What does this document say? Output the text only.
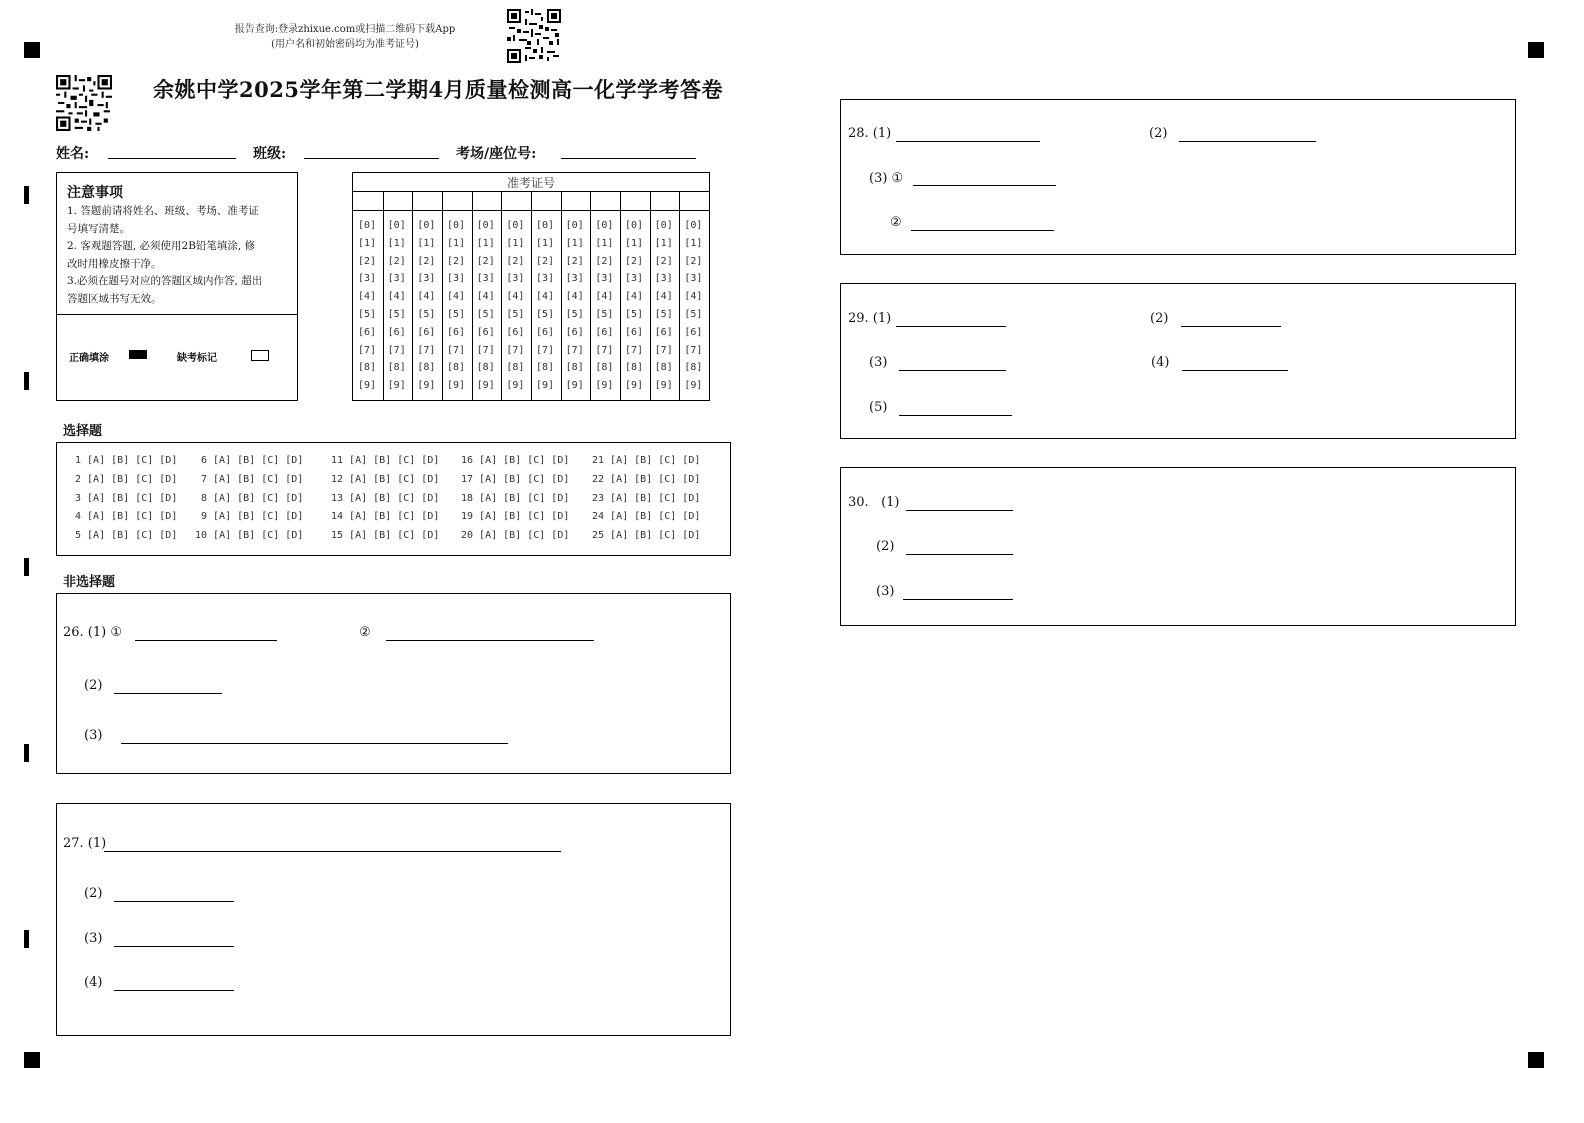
报告查询:登录zhixue.com或扫描二维码下载App
(用户名和初始密码均为准考证号)
余姚中学2025学年第二学期4月质量检测高一化学学考答卷
姓名:	班级:	考场/座位号:
注意事项
1. 答题前请将姓名、班级、考场、准考证
号填写清楚。
2. 客观题答题, 必须使用2B铅笔填涂, 修
改时用橡皮擦干净。
3.必须在题号对应的答题区域内作答, 超出
答题区域书写无效。
正确填涂	缺考标记
准考证号
[0] [0] [0] [0] [0] [0] [0] [0] [0] [0] [0] [0]
[1] [1] [1] [1] [1] [1] [1] [1] [1] [1] [1] [1]
[2] [2] [2] [2] [2] [2] [2] [2] [2] [2] [2] [2]
[3] [3] [3] [3] [3] [3] [3] [3] [3] [3] [3] [3]
[4] [4] [4] [4] [4] [4] [4] [4] [4] [4] [4] [4]
[5] [5] [5] [5] [5] [5] [5] [5] [5] [5] [5] [5]
[6] [6] [6] [6] [6] [6] [6] [6] [6] [6] [6] [6]
[7] [7] [7] [7] [7] [7] [7] [7] [7] [7] [7] [7]
[8] [8] [8] [8] [8] [8] [8] [8] [8] [8] [8] [8]
[9] [9] [9] [9] [9] [9] [9] [9] [9] [9] [9] [9]
选择题
1 [A] [B] [C] [D] 6 [A] [B] [C] [D]	11 [A] [B] [C] [D] 16 [A] [B] [C] [D] 21 [A] [B] [C] [D]
2 [A] [B] [C] [D] 7 [A] [B] [C] [D]	12 [A] [B] [C] [D] 17 [A] [B] [C] [D] 22 [A] [B] [C] [D]
3 [A] [B] [C] [D] 8 [A] [B] [C] [D]	13 [A] [B] [C] [D] 18 [A] [B] [C] [D] 23 [A] [B] [C] [D]
4 [A] [B] [C] [D] 9 [A] [B] [C] [D]	14 [A] [B] [C] [D] 19 [A] [B] [C] [D] 24 [A] [B] [C] [D]
5 [A] [B] [C] [D] 10 [A] [B] [C] [D]	15 [A] [B] [C] [D] 20 [A] [B] [C] [D] 25 [A] [B] [C] [D]
非选择题
26. (1) ①	②
(2)
(3)
27. (1)
(2)
(3)
(4)
28. (1)	(2)
(3) ①
②
29. (1)	(2)
(3)	(4)
(5)
30.   (1)
(2)
(3)
